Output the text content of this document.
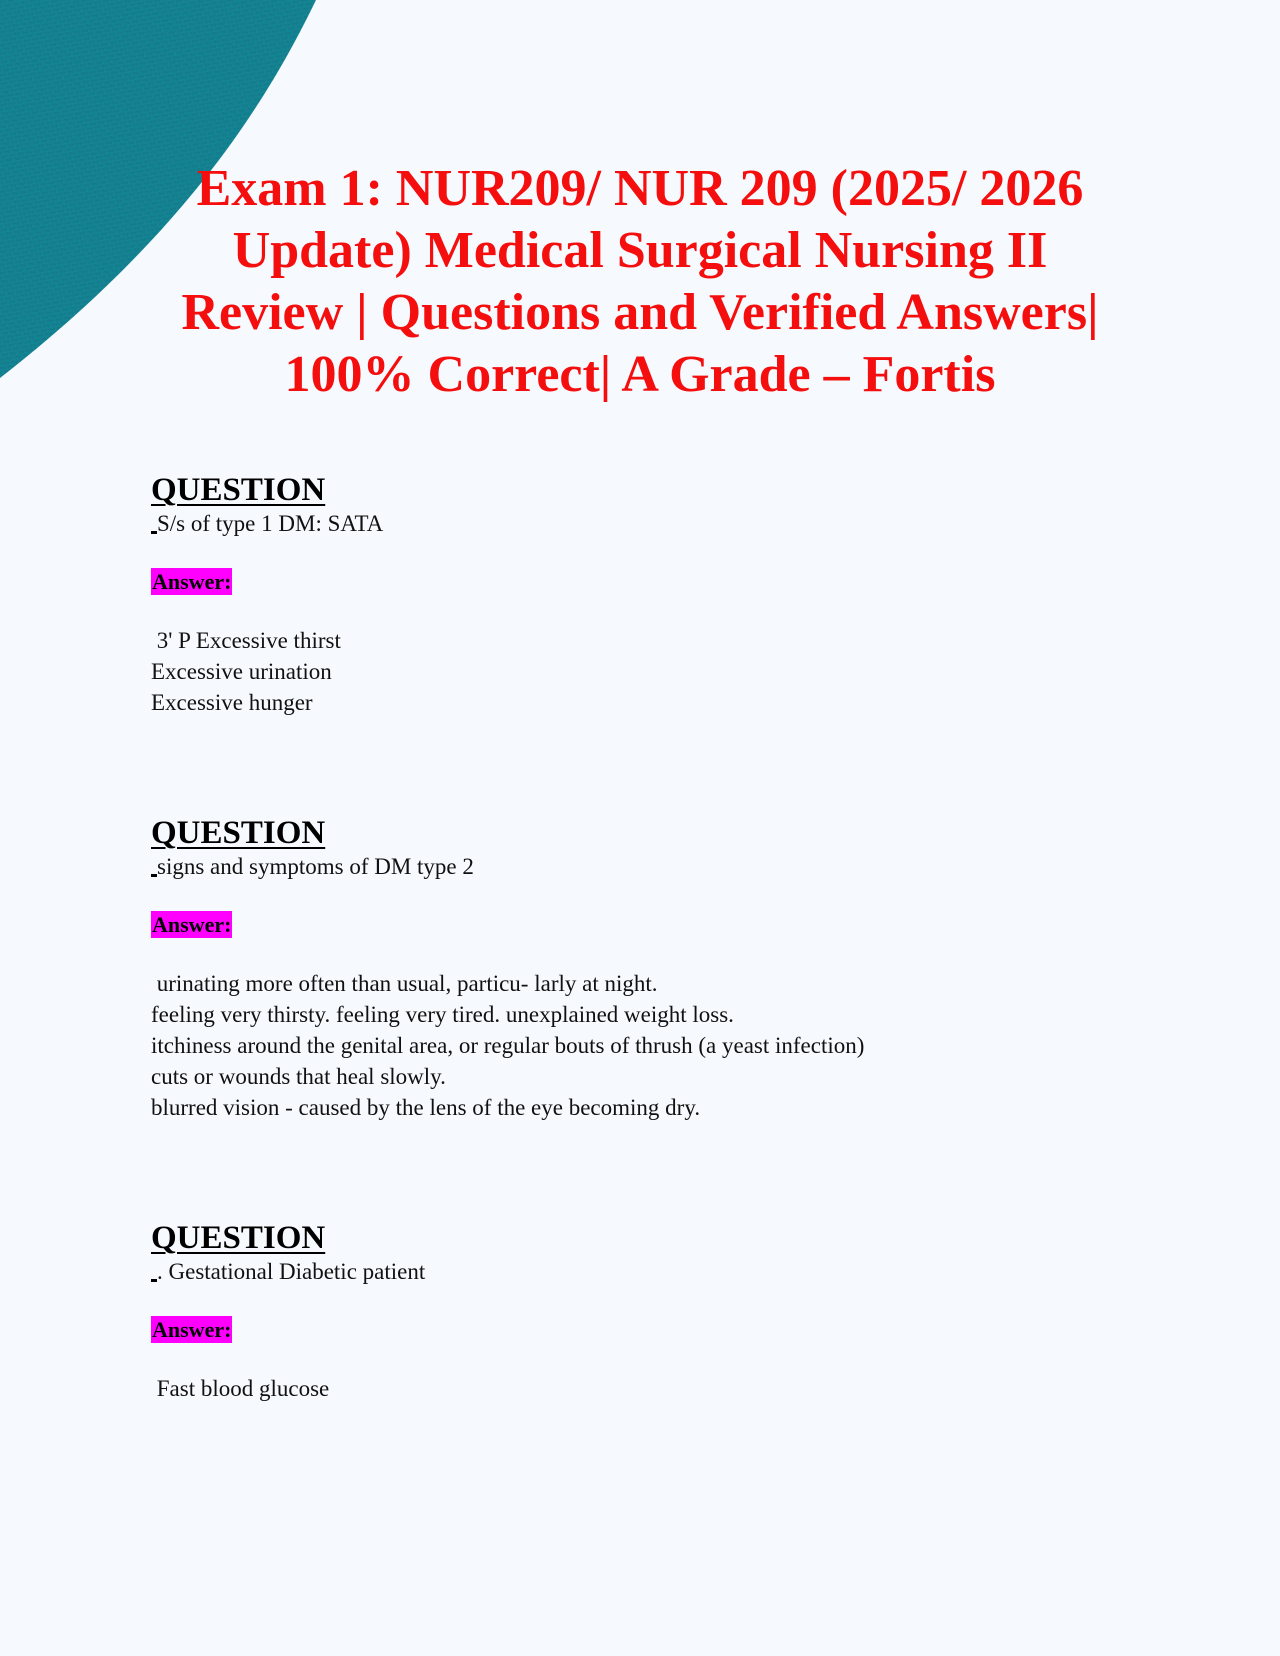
Exam 1: NUR209/ NUR 209 (2025/ 2026
Update) Medical Surgical Nursing II
Review | Questions and Verified Answers|
100% Correct| A Grade – Fortis
QUESTION
S/s of type 1 DM: SATA
Answer:
3' P Excessive thirst
Excessive urination
Excessive hunger
QUESTION
signs and symptoms of DM type 2
Answer:
urinating more often than usual, particu- larly at night.
feeling very thirsty. feeling very tired. unexplained weight loss.
itchiness around the genital area, or regular bouts of thrush (a yeast infection)
cuts or wounds that heal slowly.
blurred vision - caused by the lens of the eye becoming dry.
QUESTION
. Gestational Diabetic patient
Answer:
Fast blood glucose
